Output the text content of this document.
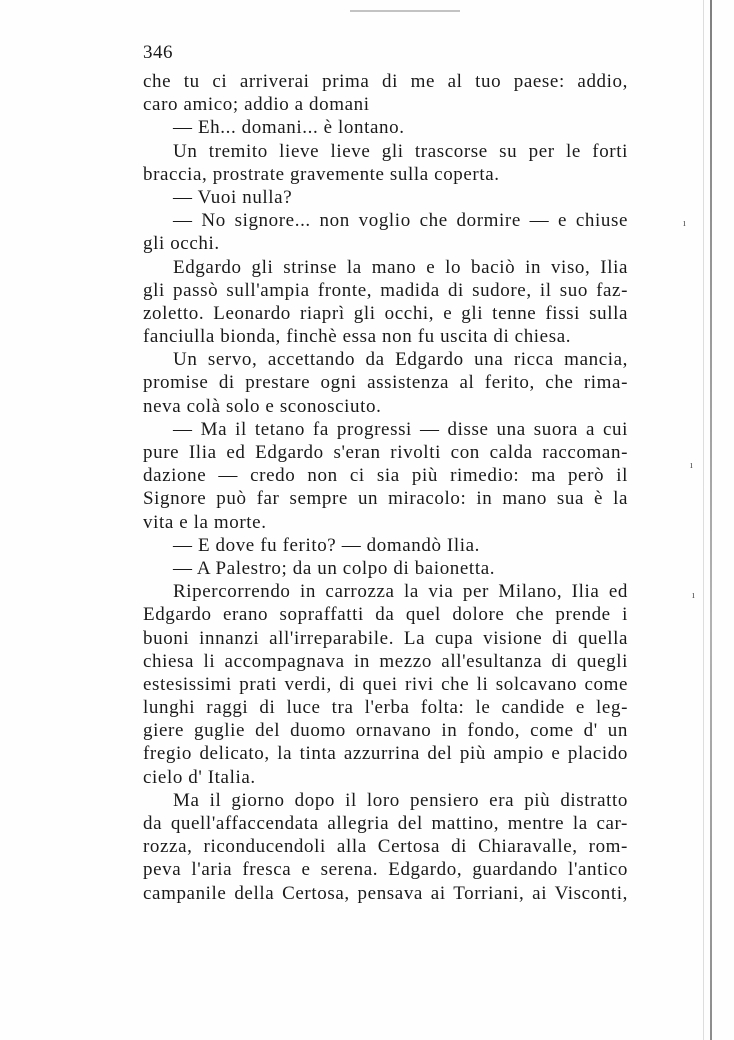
346
che tu ci arriverai prima di me al tuo paese: addio,
caro amico; addio a domani
— Eh... domani... è lontano.
Un tremito lieve lieve gli trascorse su per le forti
braccia, prostrate gravemente sulla coperta.
— Vuoi nulla?
— No signore... non voglio che dormire — e chiuse
gli occhi.
Edgardo gli strinse la mano e lo baciò in viso, Ilia
gli passò sull'ampia fronte, madida di sudore, il suo faz-
zoletto. Leonardo riaprì gli occhi, e gli tenne fissi sulla
fanciulla bionda, finchè essa non fu uscita di chiesa.
Un servo, accettando da Edgardo una ricca mancia,
promise di prestare ogni assistenza al ferito, che rima-
neva colà solo e sconosciuto.
— Ma il tetano fa progressi — disse una suora a cui
pure Ilia ed Edgardo s'eran rivolti con calda raccoman-
dazione — credo non ci sia più rimedio: ma però il
Signore può far sempre un miracolo: in mano sua è la
vita e la morte.
— E dove fu ferito? — domandò Ilia.
— A Palestro; da un colpo di baionetta.
Ripercorrendo in carrozza la via per Milano, Ilia ed
Edgardo erano sopraffatti da quel dolore che prende i
buoni innanzi all'irreparabile. La cupa visione di quella
chiesa li accompagnava in mezzo all'esultanza di quegli
estesissimi prati verdi, di quei rivi che li solcavano come
lunghi raggi di luce tra l'erba folta: le candide e leg-
giere guglie del duomo ornavano in fondo, come d' un
fregio delicato, la tinta azzurrina del più ampio e placido
cielo d' Italia.
Ma il giorno dopo il loro pensiero era più distratto
da quell'affaccendata allegria del mattino, mentre la car-
rozza, riconducendoli alla Certosa di Chiaravalle, rom-
peva l'aria fresca e serena. Edgardo, guardando l'antico
campanile della Certosa, pensava ai Torriani, ai Visconti,
ı
ı
ı
